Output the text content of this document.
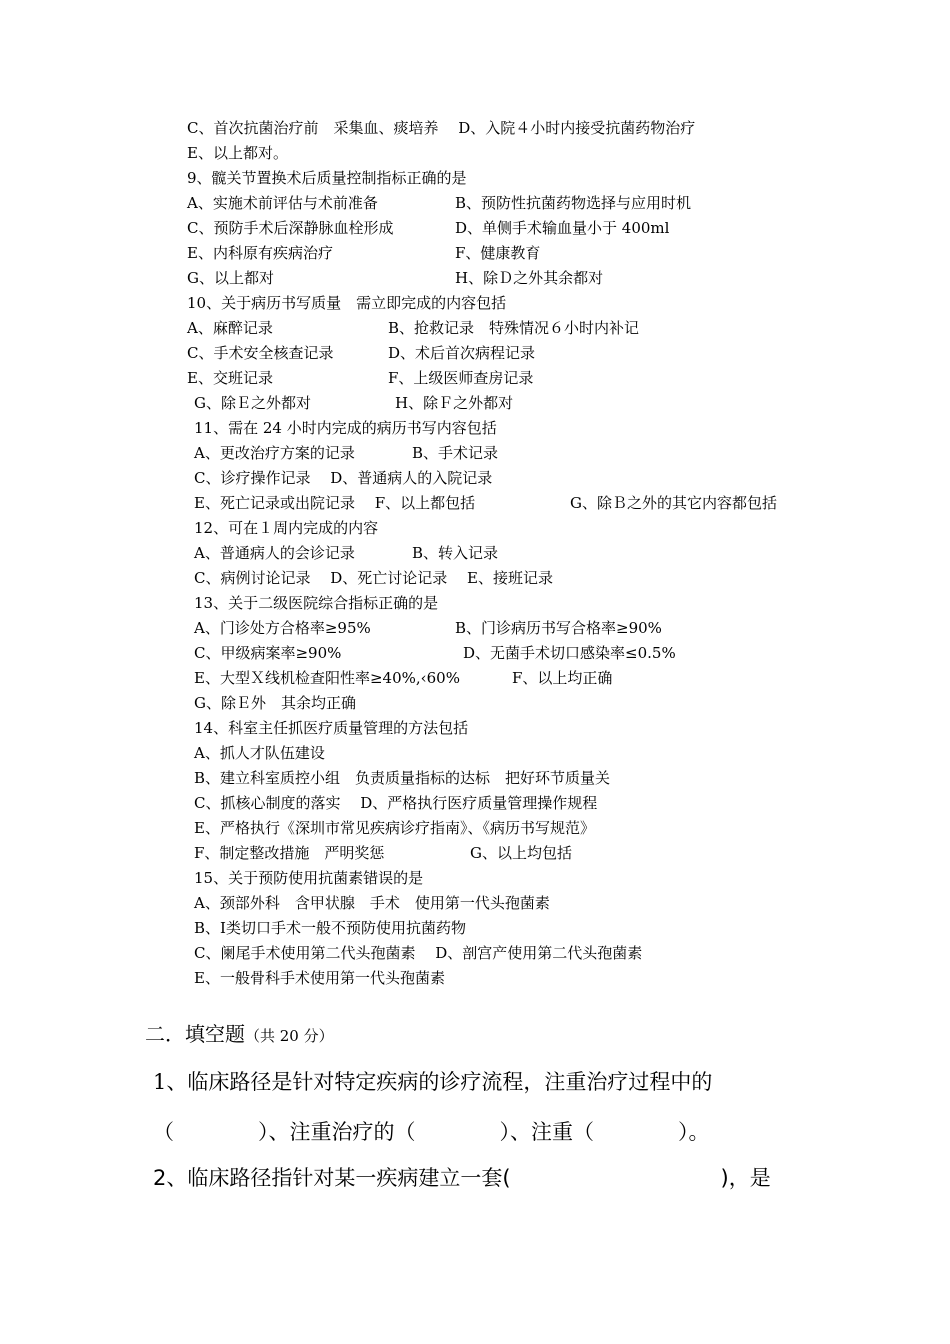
C、首次抗菌治疗前　采集血、痰培养　 D、入院４小时内接受抗菌药物治疗
E、以上都对。
9、髋关节置换术后质量控制指标正确的是
A、实施术前评估与术前准备	B、预防性抗菌药物选择与应用时机
C、预防手术后深静脉血栓形成	D、单侧手术输血量小于 400ml
E、内科原有疾病治疗	F、健康教育
G、以上都对	H、除Ｄ之外其余都对
10、关于病历书写质量　需立即完成的内容包括
A、麻醉记录	B、抢救记录　特殊情况６小时内补记
C、手术安全核查记录	D、术后首次病程记录
E、交班记录	F、上级医师查房记录
G、除Ｅ之外都对	H、除Ｆ之外都对
11、需在 24 小时内完成的病历书写内容包括
A、更改治疗方案的记录	B、手术记录
C、诊疗操作记录　 D、普通病人的入院记录
E、死亡记录或出院记录　 F、以上都包括	G、除Ｂ之外的其它内容都包括
12、可在１周内完成的内容
A、普通病人的会诊记录	B、转入记录
C、病例讨论记录　 D、死亡讨论记录　 E、接班记录
13、关于二级医院综合指标正确的是
A、门诊处方合格率≥95%	B、门诊病历书写合格率≥90%
C、甲级病案率≥90%	D、无菌手术切口感染率≤0.5%
E、大型Ｘ线机检查阳性率≥40%,‹60%	F、以上均正确
G、除Ｅ外　其余均正确
14、科室主任抓医疗质量管理的方法包括
A、抓人才队伍建设
B、建立科室质控小组　负责质量指标的达标　把好环节质量关
C、抓核心制度的落实　 D、严格执行医疗质量管理操作规程
E、严格执行《深圳市常见疾病诊疗指南》、《病历书写规范》
F、制定整改措施　严明奖惩	G、以上均包括
15、关于预防使用抗菌素错误的是
A、颈部外科　含甲状腺　手术　使用第一代头孢菌素
B、Ⅰ类切口手术一般不预防使用抗菌药物
C、阑尾手术使用第二代头孢菌素　 D、剖宫产使用第二代头孢菌素
E、一般骨科手术使用第一代头孢菌素
二．填空题（共 20 分）
1、临床路径是针对特定疾病的诊疗流程，注重治疗过程中的
（　　　　）、注重治疗的（　　　　）、注重（　　　　）。
2、临床路径指针对某一疾病建立一套(　　　　　　　　　　)，是
